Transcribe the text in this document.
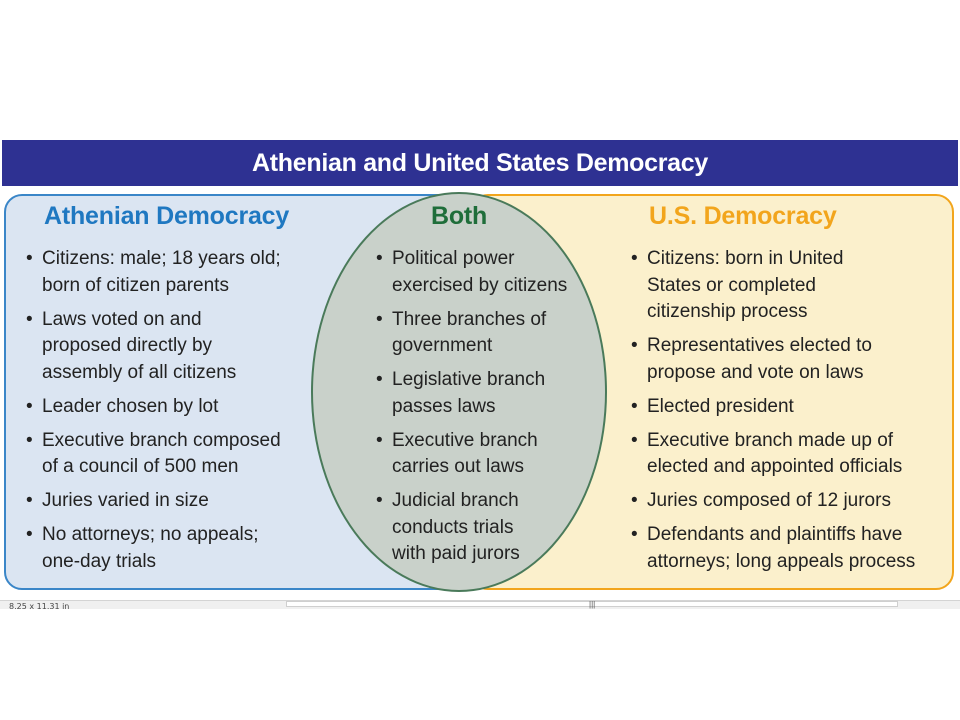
Athenian and United States Democracy
Athenian Democracy	Both	U.S. Democracy
• Citizens: male; 18 years old;
born of citizen parents
• Laws voted on and
proposed directly by
assembly of all citizens
• Leader chosen by lot
• Executive branch composed
of a council of 500 men
• Juries varied in size
• No attorneys; no appeals;
one-day trials
• Political power
exercised by citizens
• Three branches of
government
• Legislative branch
passes laws
• Executive branch
carries out laws
• Judicial branch
conducts trials
with paid jurors
• Citizens: born in United
States or completed
citizenship process
• Representatives elected to
propose and vote on laws
• Elected president
• Executive branch made up of
elected and appointed officials
• Juries composed of 12 jurors
• Defendants and plaintiffs have
attorneys; long appeals process
8.25 x 11.31 in	|||
